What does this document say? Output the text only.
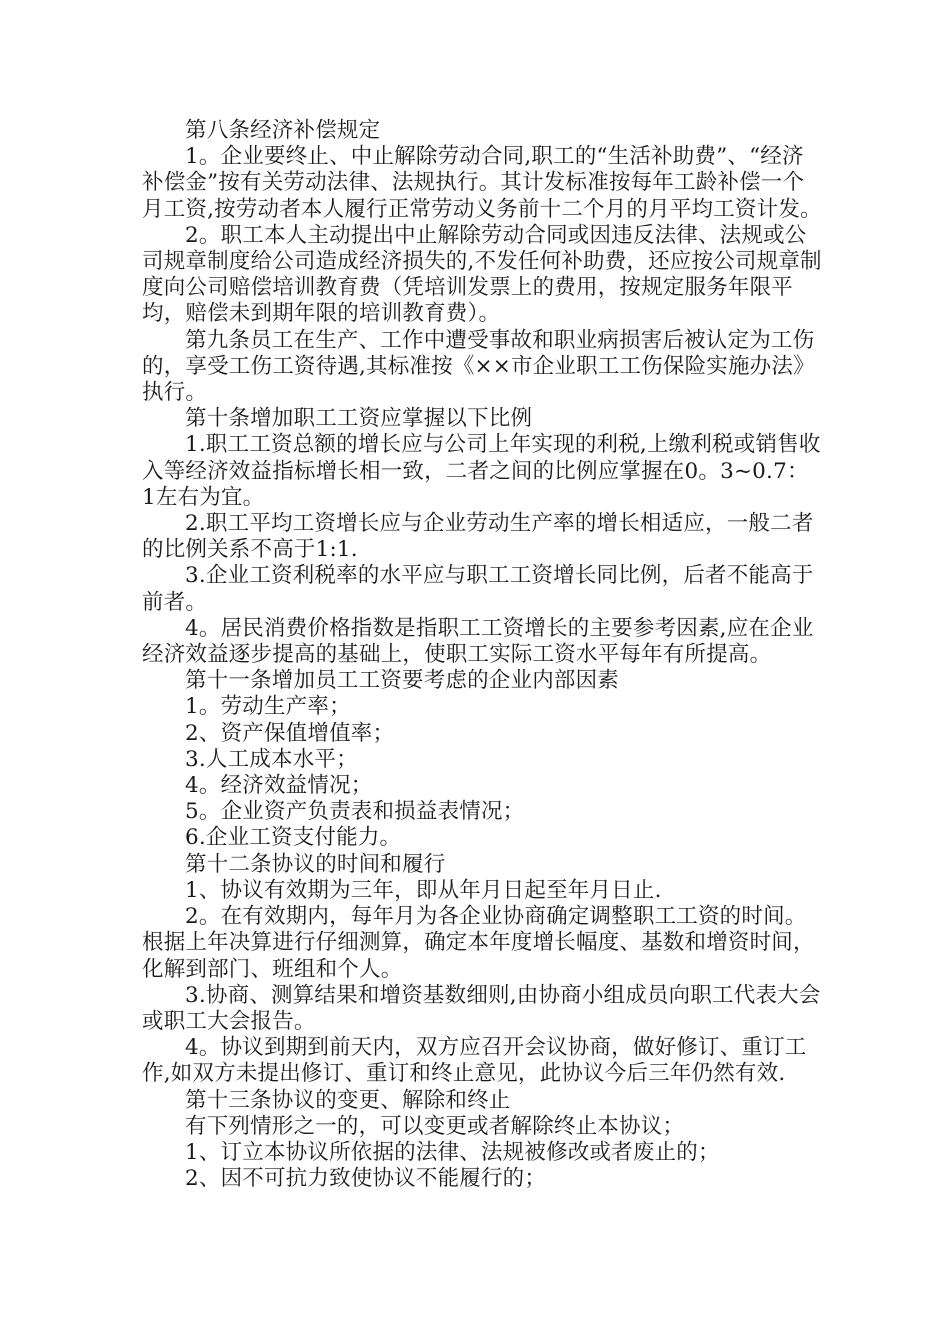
第八条经济补偿规定

1。企业要终止、中止解除劳动合同,职工的“生活补助费”、“经济补偿金”按有关劳动法律、法规执行。其计发标准按每年工龄补偿一个月工资,按劳动者本人履行正常劳动义务前十二个月的月平均工资计发。

2。职工本人主动提出中止解除劳动合同或因违反法律、法规或公司规章制度给公司造成经济损失的,不发任何补助费，还应按公司规章制度向公司赔偿培训教育费（凭培训发票上的费用，按规定服务年限平均，赔偿未到期年限的培训教育费）。

第九条员工在生产、工作中遭受事故和职业病损害后被认定为工伤的，享受工伤工资待遇,其标准按《××市企业职工工伤保险实施办法》执行。

第十条增加职工工资应掌握以下比例

1.职工工资总额的增长应与公司上年实现的利税,上缴利税或销售收入等经济效益指标增长相一致，二者之间的比例应掌握在0。3~0.7：1左右为宜。

2.职工平均工资增长应与企业劳动生产率的增长相适应，一般二者的比例关系不高于1:1.

3.企业工资利税率的水平应与职工工资增长同比例，后者不能高于前者。

4。居民消费价格指数是指职工工资增长的主要参考因素,应在企业经济效益逐步提高的基础上，使职工实际工资水平每年有所提高。

第十一条增加员工工资要考虑的企业内部因素

1。劳动生产率；

2、资产保值增值率；

3.人工成本水平；

4。经济效益情况；

5。企业资产负责表和损益表情况；

6.企业工资支付能力。

第十二条协议的时间和履行

1、协议有效期为三年，即从年月日起至年月日止.

2。在有效期内，每年月为各企业协商确定调整职工工资的时间。根据上年决算进行仔细测算，确定本年度增长幅度、基数和增资时间，化解到部门、班组和个人。

3.协商、测算结果和增资基数细则,由协商小组成员向职工代表大会或职工大会报告。

4。协议到期到前天内，双方应召开会议协商，做好修订、重订工作,如双方未提出修订、重订和终止意见，此协议今后三年仍然有效.

第十三条协议的变更、解除和终止

有下列情形之一的，可以变更或者解除终止本协议；

1、订立本协议所依据的法律、法规被修改或者废止的；

2、因不可抗力致使协议不能履行的；
